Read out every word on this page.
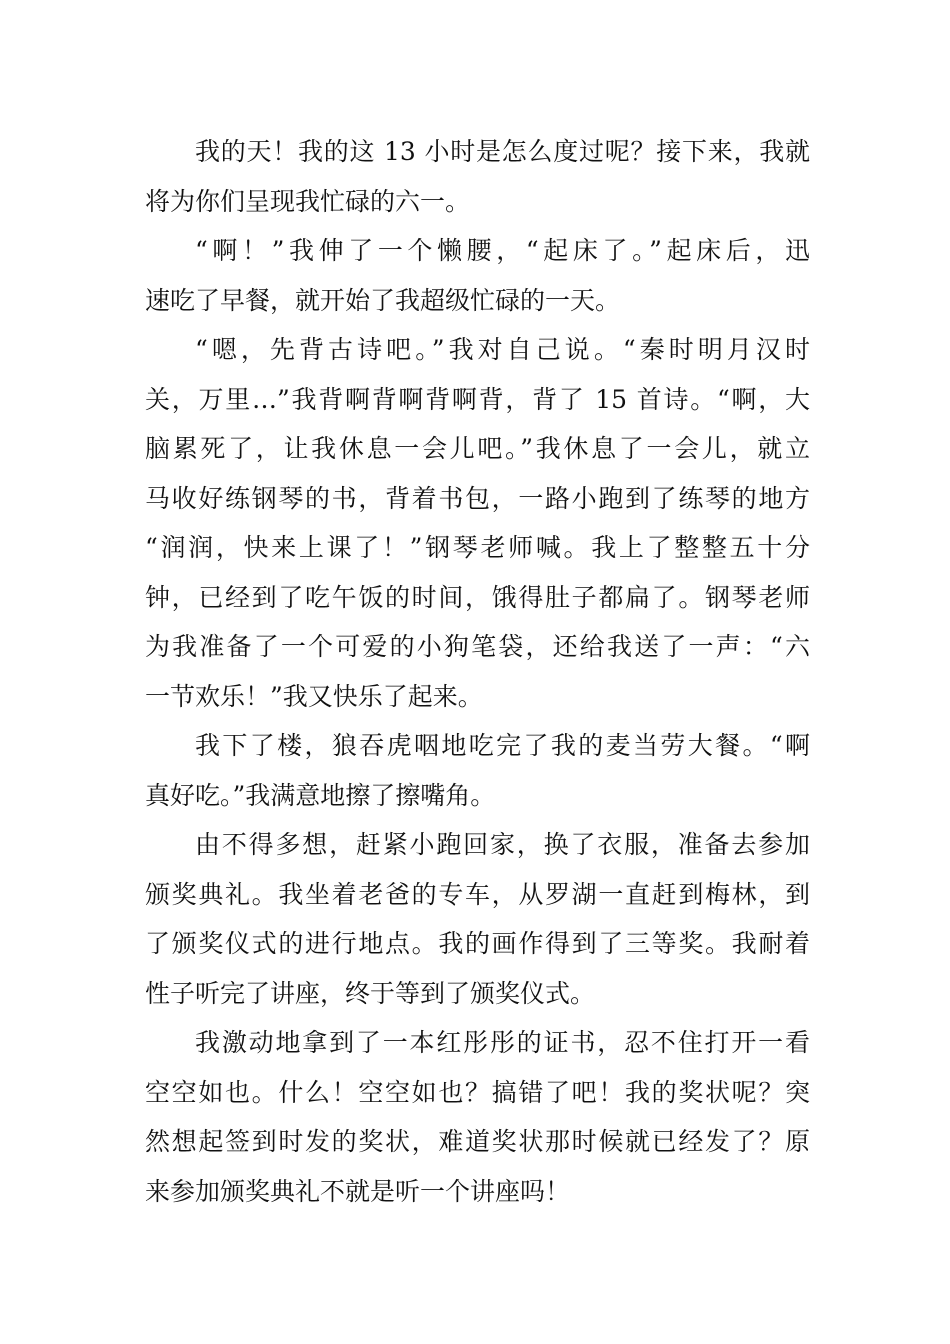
我的天！我的这 13 小时是怎么度过呢？接下来，我就
将为你们呈现我忙碌的六一。

“啊！”我伸了一个懒腰，“起床了。”起床后，迅
速吃了早餐，就开始了我超级忙碌的一天。

“嗯，先背古诗吧。”我对自己说。“秦时明月汉时
关，万里…”我背啊背啊背啊背，背了 15 首诗。“啊，大
脑累死了，让我休息一会儿吧。”我休息了一会儿，就立
马收好练钢琴的书，背着书包，一路小跑到了练琴的地方
“润润，快来上课了！”钢琴老师喊。我上了整整五十分
钟，已经到了吃午饭的时间，饿得肚子都扁了。钢琴老师
为我准备了一个可爱的小狗笔袋，还给我送了一声：“六
一节欢乐！”我又快乐了起来。

我下了楼，狼吞虎咽地吃完了我的麦当劳大餐。“啊
真好吃。”我满意地擦了擦嘴角。

由不得多想，赶紧小跑回家，换了衣服，准备去参加
颁奖典礼。我坐着老爸的专车，从罗湖一直赶到梅林，到
了颁奖仪式的进行地点。我的画作得到了三等奖。我耐着
性子听完了讲座，终于等到了颁奖仪式。

我激动地拿到了一本红彤彤的证书，忍不住打开一看
空空如也。什么！空空如也？搞错了吧！我的奖状呢？突
然想起签到时发的奖状，难道奖状那时候就已经发了？原
来参加颁奖典礼不就是听一个讲座吗！
